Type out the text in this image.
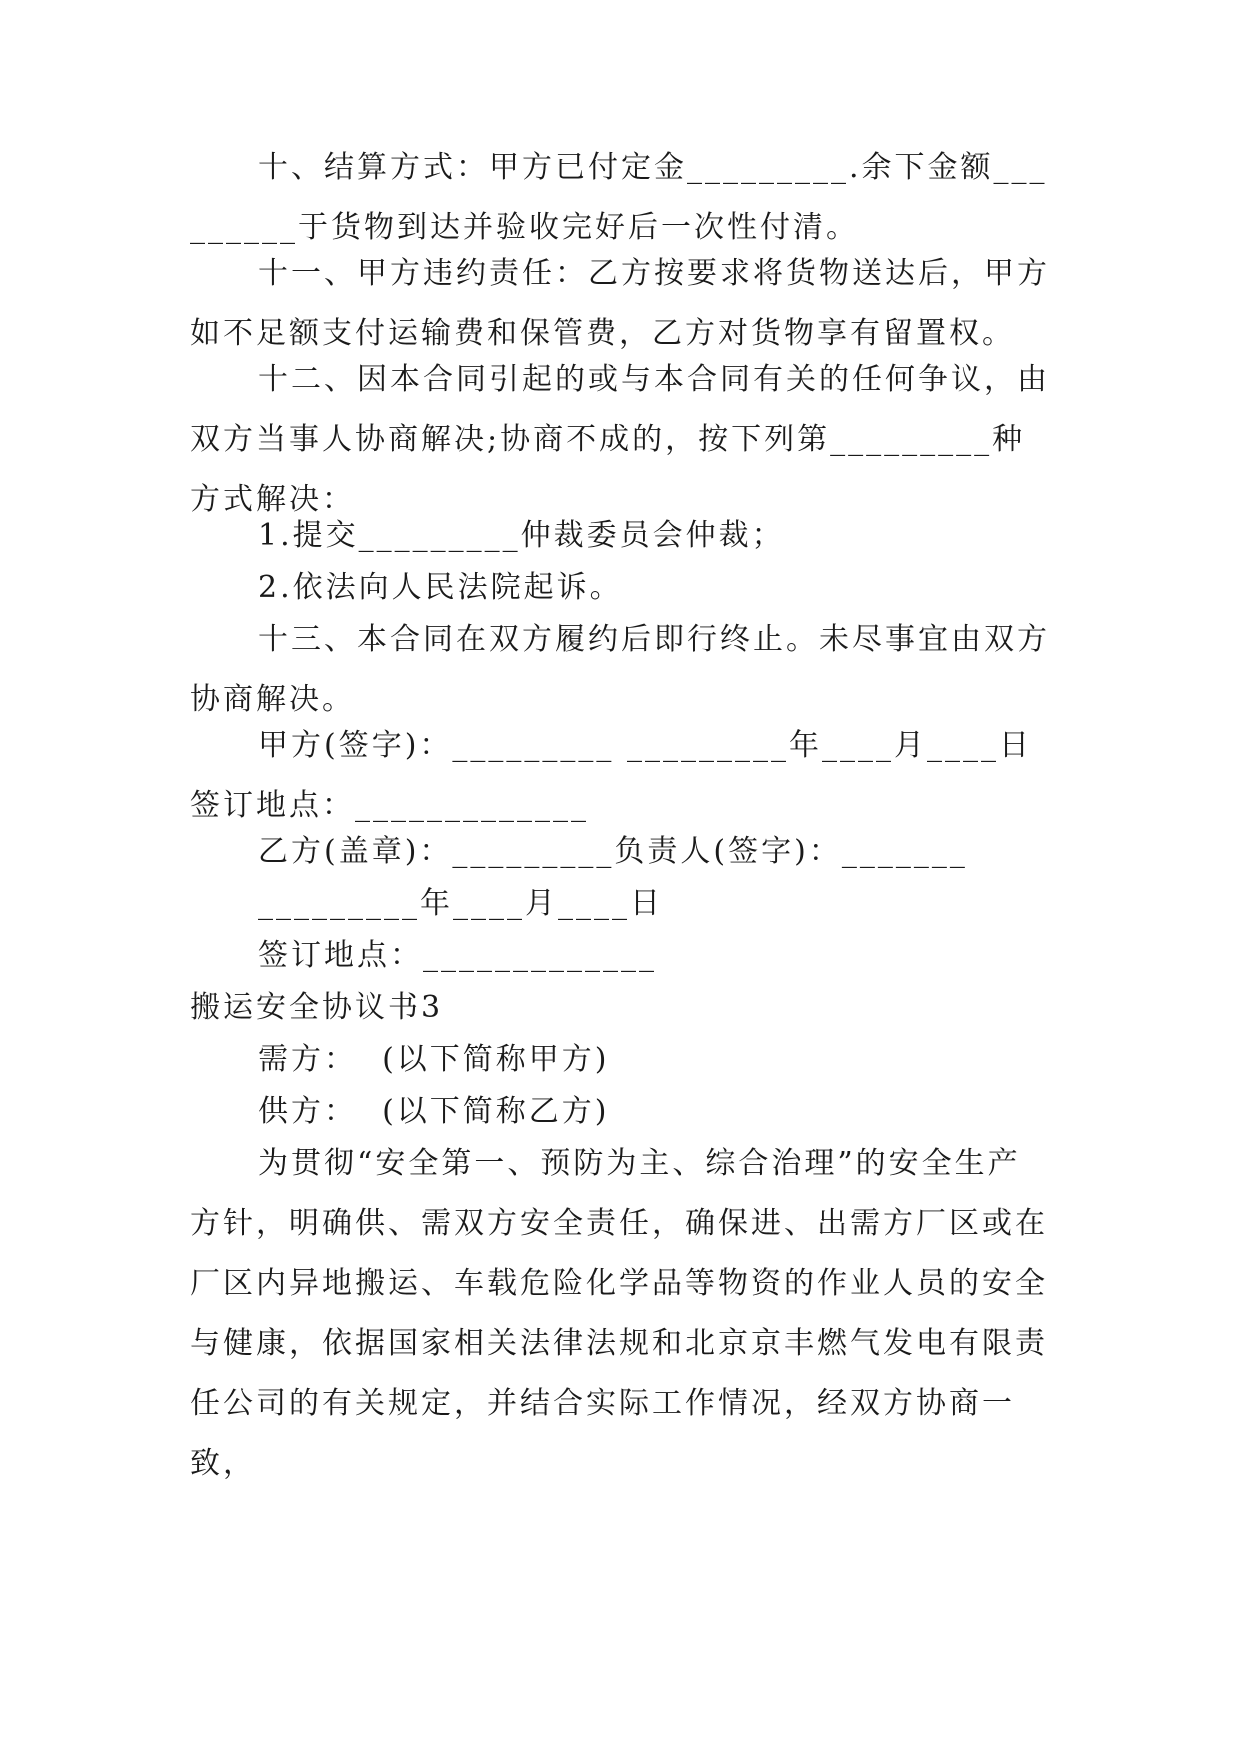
十、结算方式：甲方已付定金_________.余下金额_________于货物到达并验收完好后一次性付清。

十一、甲方违约责任：乙方按要求将货物送达后，甲方如不足额支付运输费和保管费，乙方对货物享有留置权。

十二、因本合同引起的或与本合同有关的任何争议，由双方当事人协商解决;协商不成的，按下列第_________种方式解决：

1.提交_________仲裁委员会仲裁；

2.依法向人民法院起诉。

十三、本合同在双方履约后即行终止。未尽事宜由双方协商解决。

甲方(签字)：_________ _________年____月____日签订地点：_____________

乙方(盖章)：_________负责人(签字)：_______

_________年____月____日

签订地点：_____________

搬运安全协议书3

需方：  (以下简称甲方)

供方：  (以下简称乙方)

为贯彻“安全第一、预防为主、综合治理”的安全生产方针，明确供、需双方安全责任，确保进、出需方厂区或在厂区内异地搬运、车载危险化学品等物资的作业人员的安全与健康，依据国家相关法律法规和北京京丰燃气发电有限责任公司的有关规定，并结合实际工作情况，经双方协商一致，
